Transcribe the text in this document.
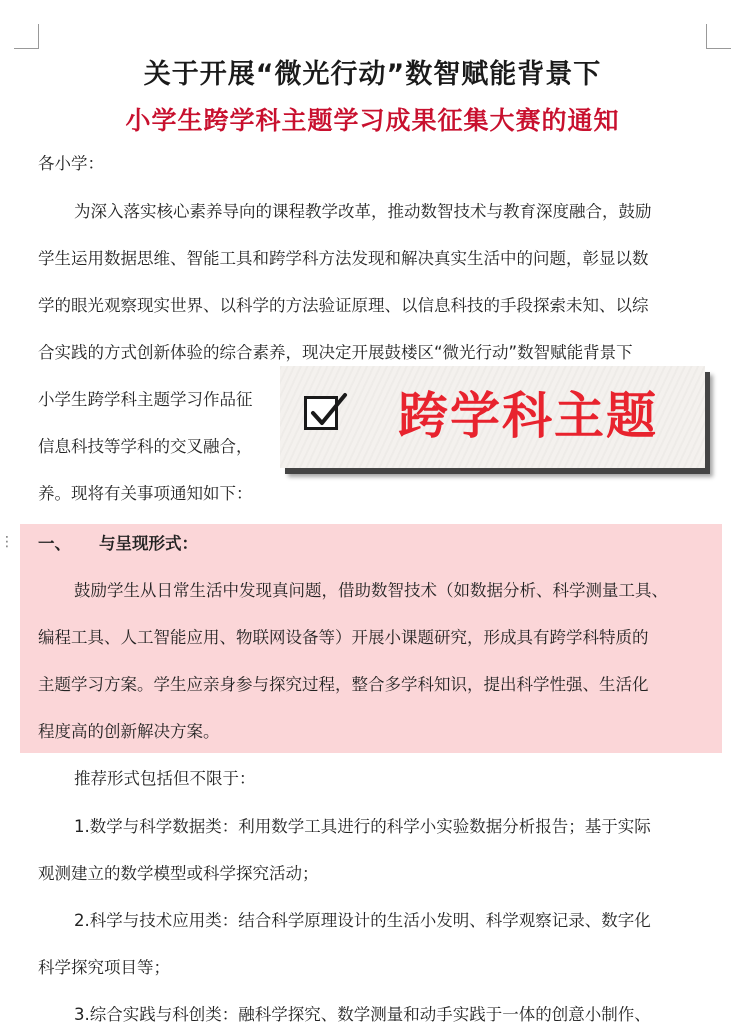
关于开展“微光行动”数智赋能背景下
小学生跨学科主题学习成果征集大赛的通知
各小学：
为深入落实核心素养导向的课程教学改革，推动数智技术与教育深度融合，鼓励
学生运用数据思维、智能工具和跨学科方法发现和解决真实生活中的问题，彰显以数
学的眼光观察现实世界、以科学的方法验证原理、以信息科技的手段探索未知、以综
合实践的方式创新体验的综合素养，现决定开展鼓楼区“微光行动”数智赋能背景下
小学生跨学科主题学习作品征
信息科技等学科的交叉融合，
养。现将有关事项通知如下：
⋮ 一、 与呈现形式：
鼓励学生从日常生活中发现真问题，借助数智技术（如数据分析、科学测量工具、
编程工具、人工智能应用、物联网设备等）开展小课题研究，形成具有跨学科特质的
主题学习方案。学生应亲身参与探究过程，整合多学科知识，提出科学性强、生活化
程度高的创新解决方案。
推荐形式包括但不限于：
1.数学与科学数据类：利用数学工具进行的科学小实验数据分析报告；基于实际
观测建立的数学模型或科学探究活动；
2.科学与技术应用类：结合科学原理设计的生活小发明、科学观察记录、数字化
科学探究项目等；
3.综合实践与科创类：融科学探究、数学测量和动手实践于一体的创意小制作、
跨学科主题
